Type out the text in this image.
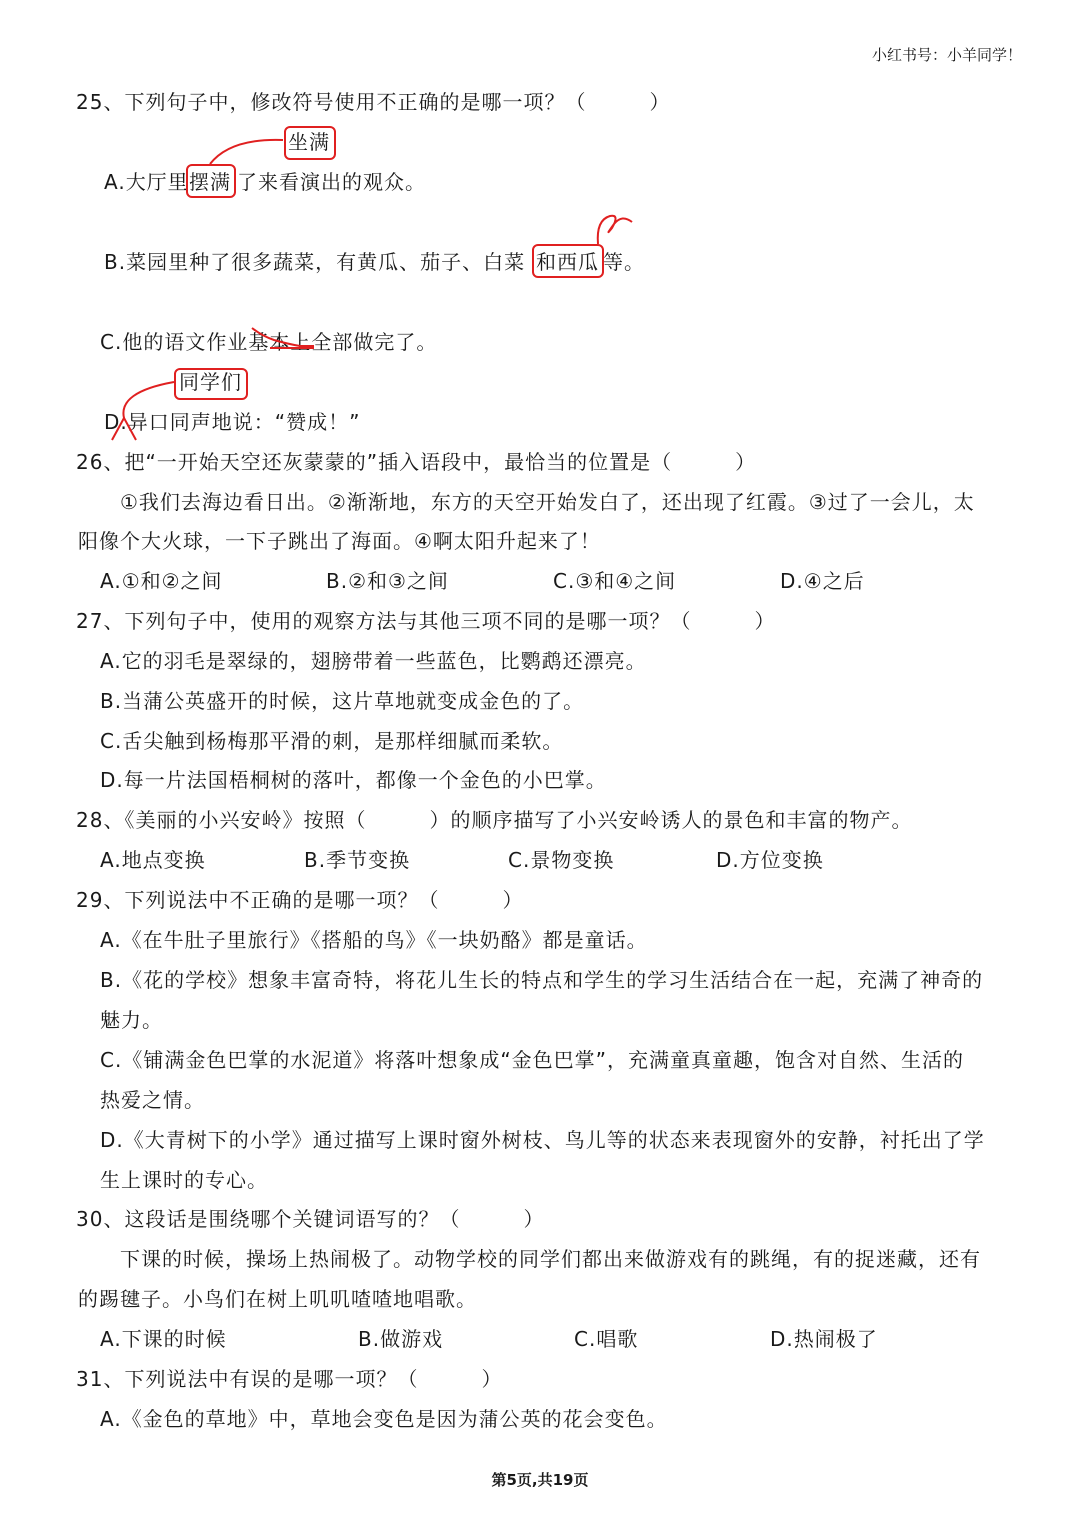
小红书号：小羊同学！
25、下列句子中，修改符号使用不正确的是哪一项？（　　　）
坐满
A.大厅里 摆满 了来看演出的观众。
B.菜园里种了很多蔬菜，有黄瓜、茄子、白菜 和西瓜 等。
C.他的语文作业基本上全部做完了。
同学们
D.异口同声地说：“赞成！”
26、把“一开始天空还灰蒙蒙的”插入语段中，最恰当的位置是（　　　）
①我们去海边看日出。②渐渐地，东方的天空开始发白了，还出现了红霞。③过了一会儿，太
阳像个大火球，一下子跳出了海面。④啊太阳升起来了！
A.①和②之间	B.②和③之间	C.③和④之间	D.④之后
27、下列句子中，使用的观察方法与其他三项不同的是哪一项？（　　　）
A.它的羽毛是翠绿的，翅膀带着一些蓝色，比鹦鹉还漂亮。
B.当蒲公英盛开的时候，这片草地就变成金色的了。
C.舌尖触到杨梅那平滑的刺，是那样细腻而柔软。
D.每一片法国梧桐树的落叶，都像一个金色的小巴掌。
28、《美丽的小兴安岭》按照（　　　）的顺序描写了小兴安岭诱人的景色和丰富的物产。
A.地点变换	B.季节变换	C.景物变换	D.方位变换
29、下列说法中不正确的是哪一项？（　　　）
A.《在牛肚子里旅行》《搭船的鸟》《一块奶酪》都是童话。
B.《花的学校》想象丰富奇特，将花儿生长的特点和学生的学习生活结合在一起，充满了神奇的
魅力。
C.《铺满金色巴掌的水泥道》将落叶想象成“金色巴掌”，充满童真童趣，饱含对自然、生活的
热爱之情。
D.《大青树下的小学》通过描写上课时窗外树枝、鸟儿等的状态来表现窗外的安静，衬托出了学
生上课时的专心。
30、这段话是围绕哪个关键词语写的？（　　　）
下课的时候，操场上热闹极了。动物学校的同学们都出来做游戏有的跳绳，有的捉迷藏，还有
的踢毽子。小鸟们在树上叽叽喳喳地唱歌。
A.下课的时候	B.做游戏	C.唱歌	D.热闹极了
31、下列说法中有误的是哪一项？（　　　）
A.《金色的草地》中，草地会变色是因为蒲公英的花会变色。
第5页,共19页
